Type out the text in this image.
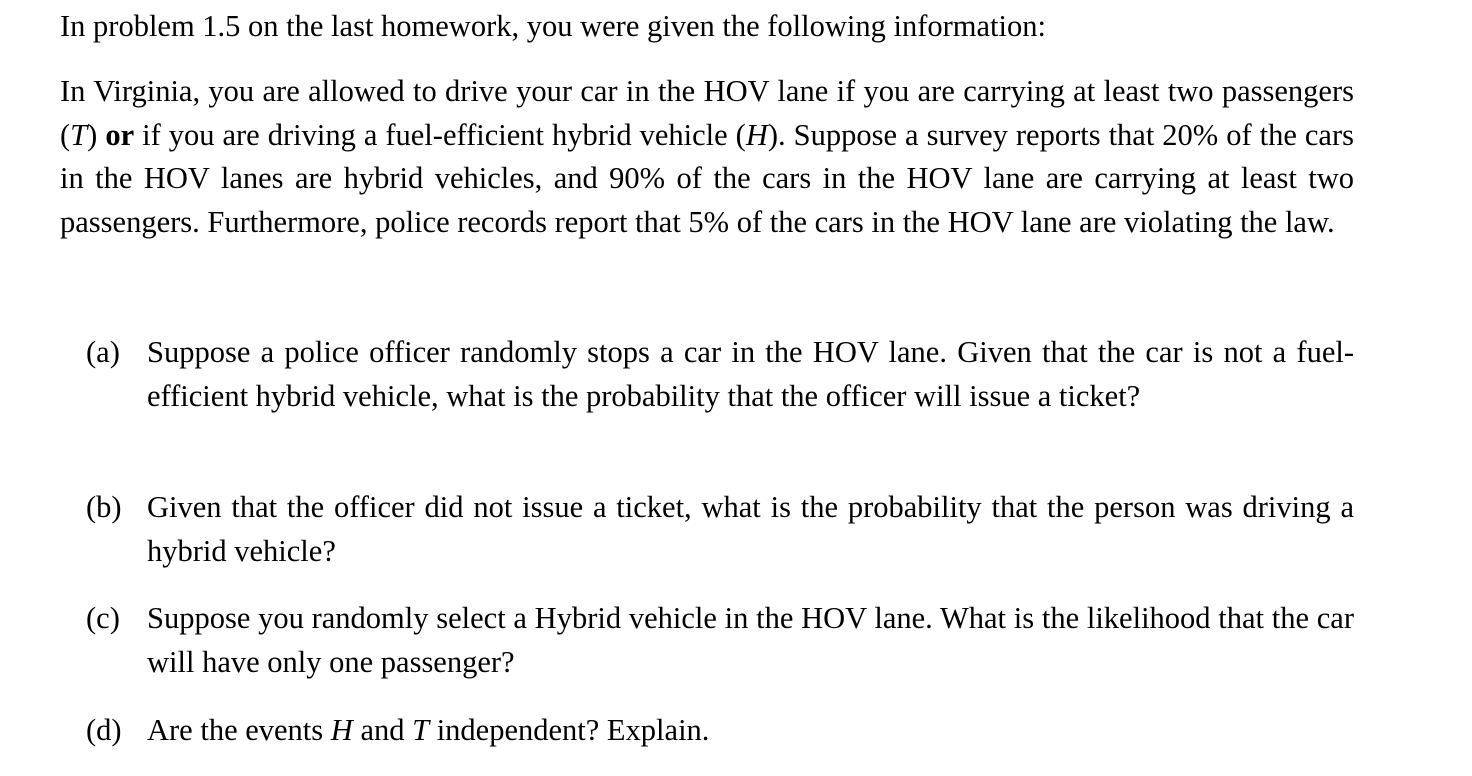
In problem 1.5 on the last homework, you were given the following information:

In Virginia, you are allowed to drive your car in the HOV lane if you are carrying at least two passengers (T) or if you are driving a fuel-efficient hybrid vehicle (H). Suppose a survey reports that 20% of the cars in the HOV lanes are hybrid vehicles, and 90% of the cars in the HOV lane are carrying at least two passengers. Furthermore, police records report that 5% of the cars in the HOV lane are violating the law.

(a) Suppose a police officer randomly stops a car in the HOV lane. Given that the car is not a fuel-efficient hybrid vehicle, what is the probability that the officer will issue a ticket?

(b) Given that the officer did not issue a ticket, what is the probability that the person was driving a hybrid vehicle?

(c) Suppose you randomly select a Hybrid vehicle in the HOV lane. What is the likelihood that the car will have only one passenger?

(d) Are the events H and T independent? Explain.
